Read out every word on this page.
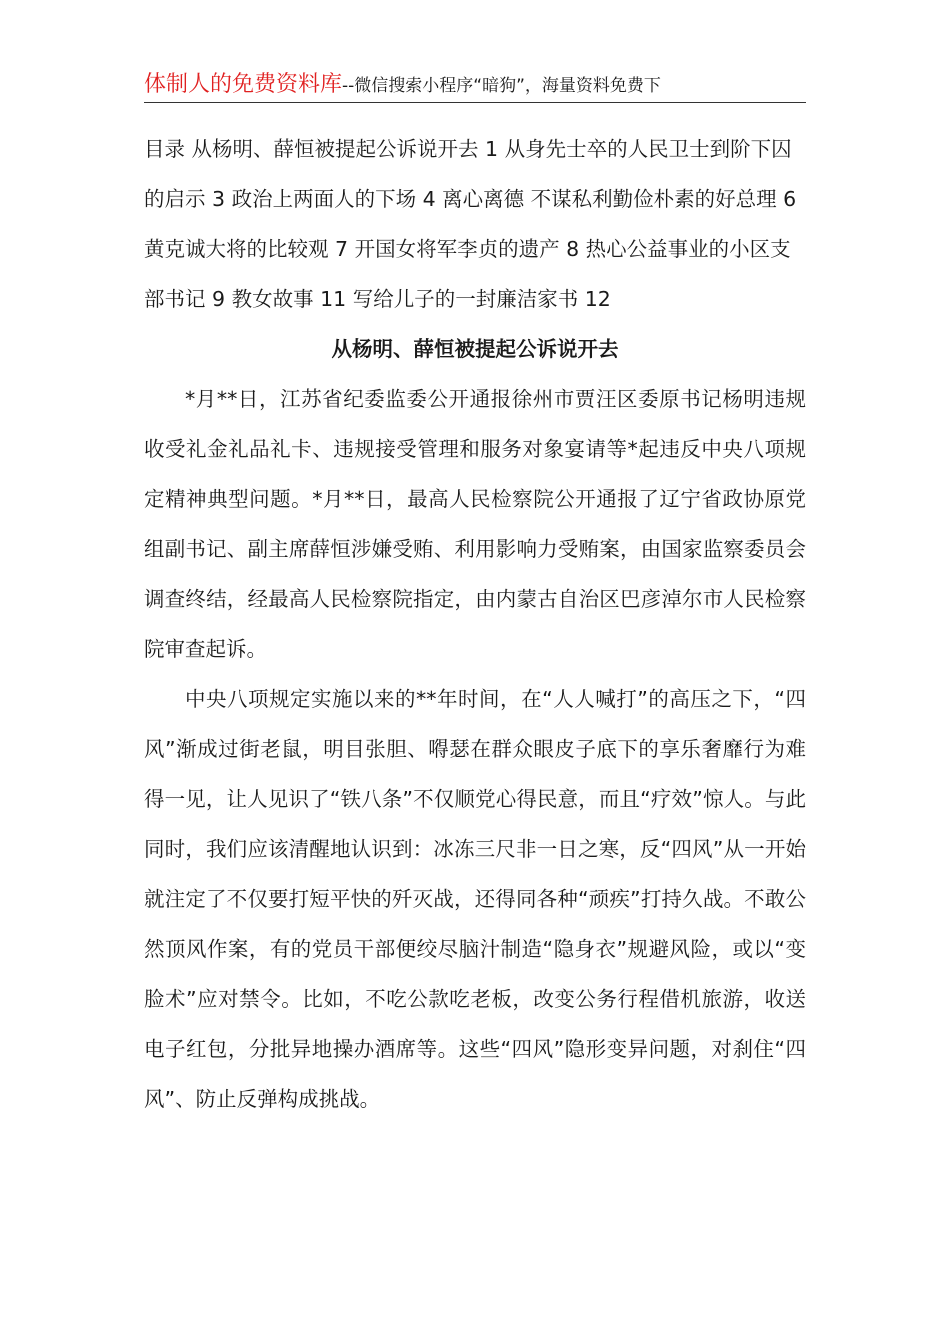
体制人的免费资料库--微信搜索小程序“暗狗”，海量资料免费下

目录 从杨明、薛恒被提起公诉说开去 1 从身先士卒的人民卫士到阶下囚的启示 3 政治上两面人的下场 4 离心离德 不谋私利勤俭朴素的好总理 6 黄克诚大将的比较观 7 开国女将军李贞的遗产 8 热心公益事业的小区支部书记 9 教女故事 11 写给儿子的一封廉洁家书 12

从杨明、薛恒被提起公诉说开去

*月**日，江苏省纪委监委公开通报徐州市贾汪区委原书记杨明违规收受礼金礼品礼卡、违规接受管理和服务对象宴请等*起违反中央八项规定精神典型问题。*月**日，最高人民检察院公开通报了辽宁省政协原党组副书记、副主席薛恒涉嫌受贿、利用影响力受贿案，由国家监察委员会调查终结，经最高人民检察院指定，由内蒙古自治区巴彦淖尔市人民检察院审查起诉。

中央八项规定实施以来的**年时间，在“人人喊打”的高压之下，“四风”渐成过街老鼠，明目张胆、嘚瑟在群众眼皮子底下的享乐奢靡行为难得一见，让人见识了“铁八条”不仅顺党心得民意，而且“疗效”惊人。与此同时，我们应该清醒地认识到：冰冻三尺非一日之寒，反“四风”从一开始就注定了不仅要打短平快的歼灭战，还得同各种“顽疾”打持久战。不敢公然顶风作案，有的党员干部便绞尽脑汁制造“隐身衣”规避风险，或以“变脸术”应对禁令。比如，不吃公款吃老板，改变公务行程借机旅游，收送电子红包，分批异地操办酒席等。这些“四风”隐形变异问题，对刹住“四风”、防止反弹构成挑战。
